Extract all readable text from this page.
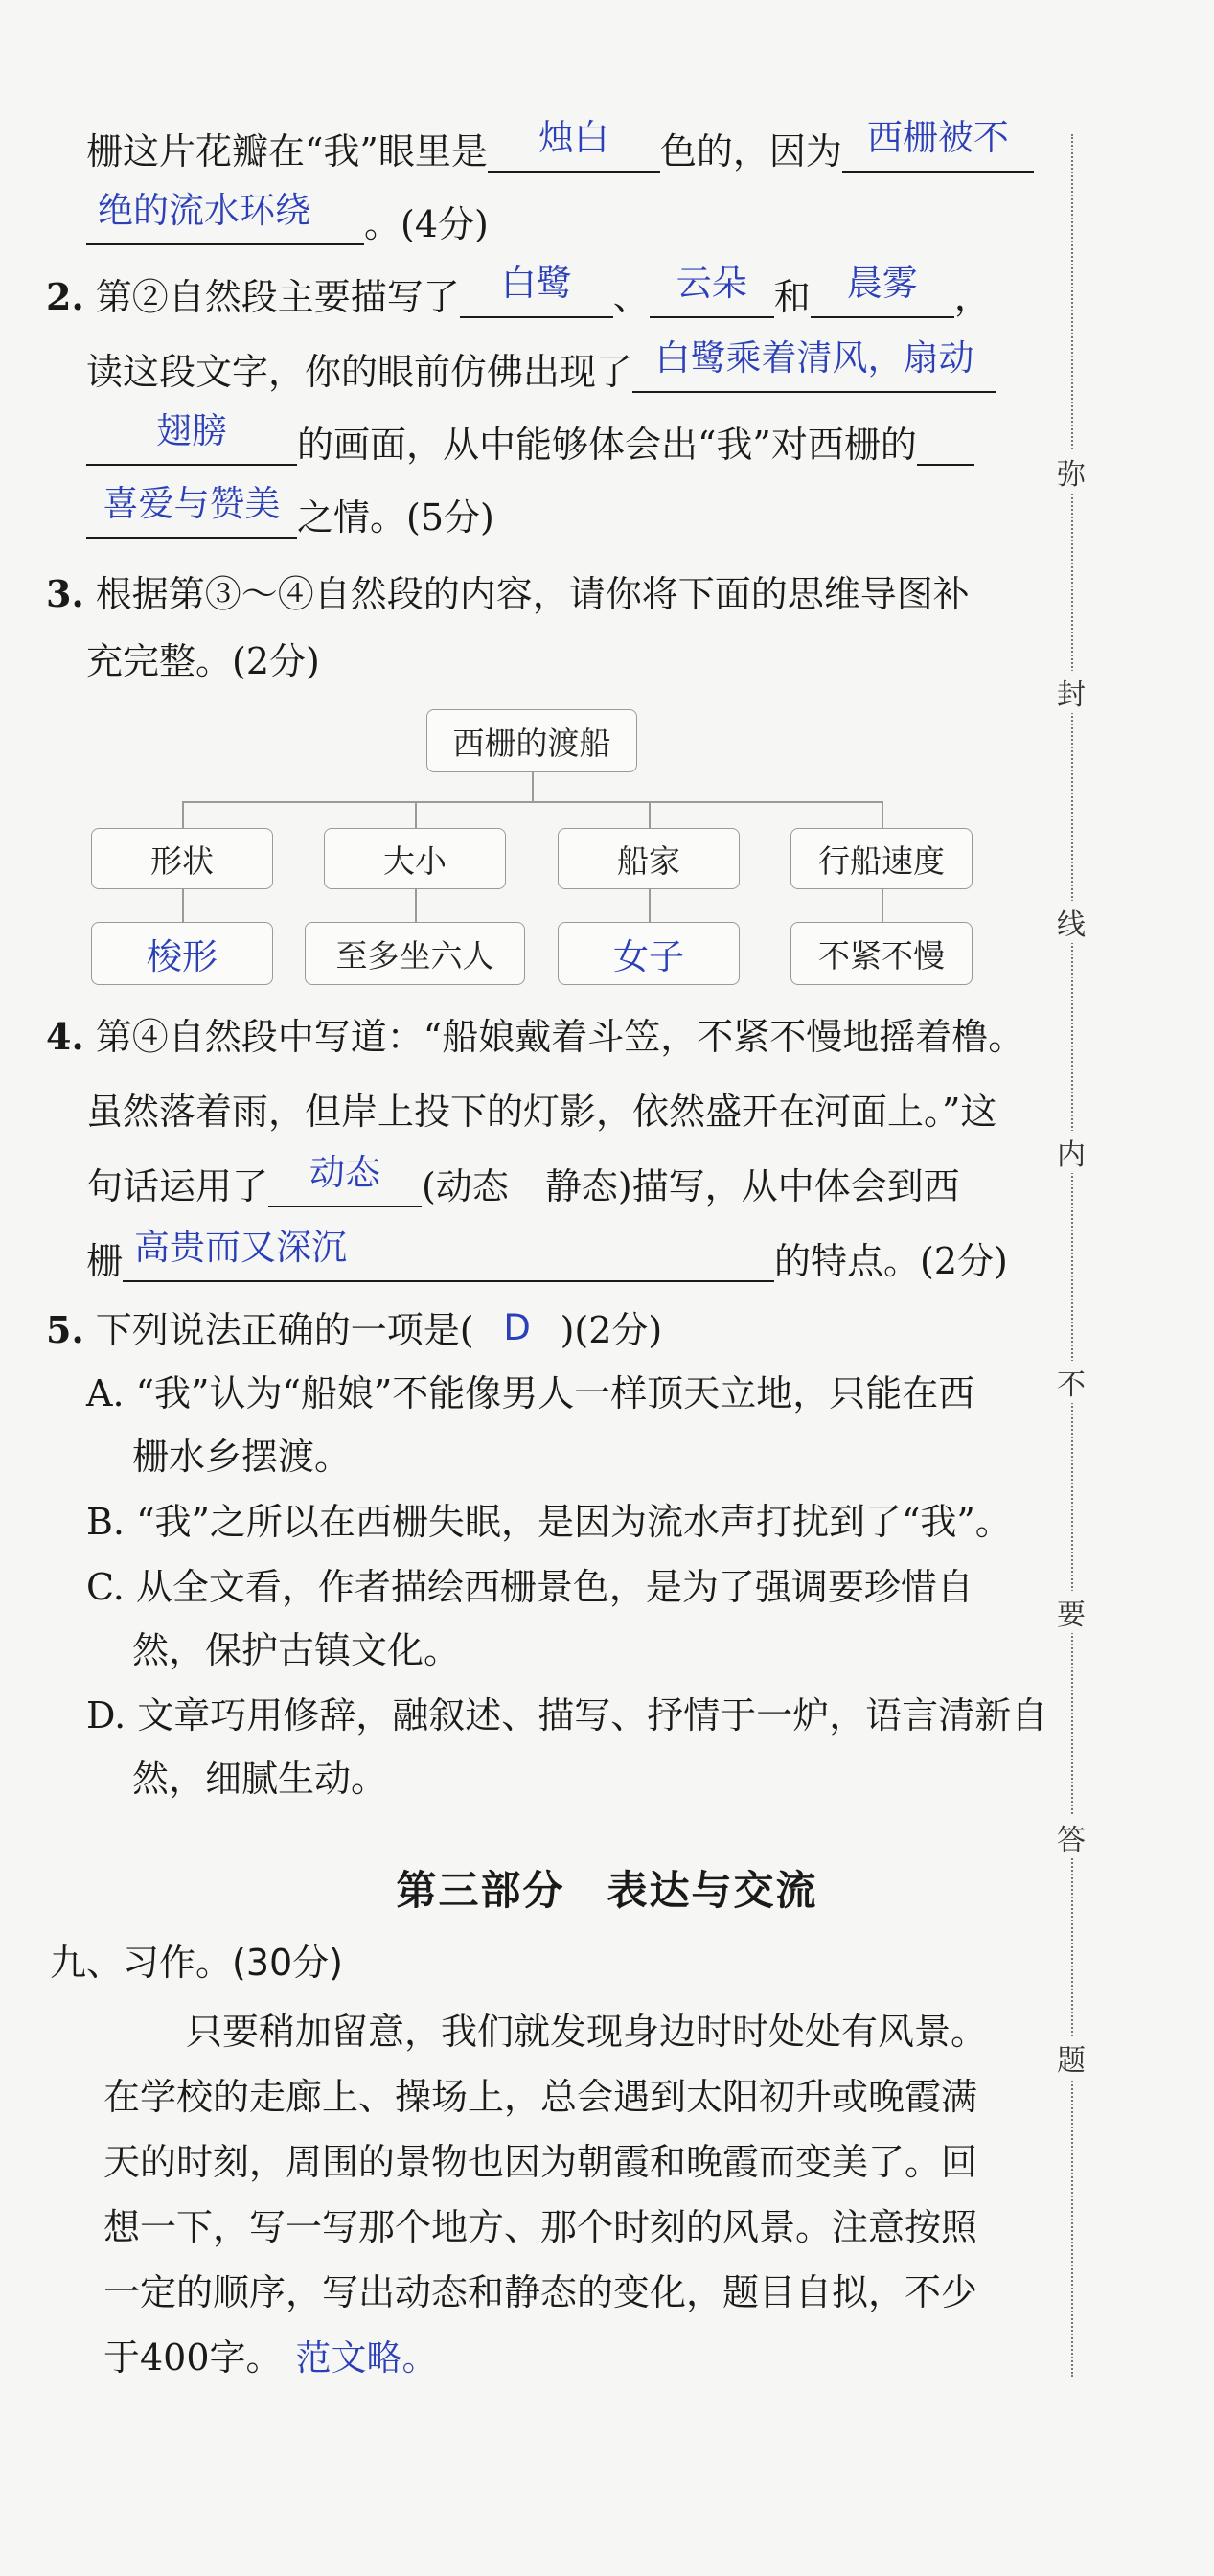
栅这片花瓣在“我”眼里是	烛白	色的，因为 西栅被不
绝的流水环绕	。(4分)
2. 第②自然段主要描写了	白鹭	、 云朵 和	晨雾	，
读这段文字，你的眼前仿佛出现了 白鹭乘着清风，扇动
翅膀	的画面，从中能够体会出“我”对西栅的
喜爱与赞美 之情。(5分)
3. 根据第③～④自然段的内容，请你将下面的思维导图补
充完整。(2分)
西栅的渡船
形状	大小	船家	行船速度
梭形	至多坐六人	女子	不紧不慢
4. 第④自然段中写道：“船娘戴着斗笠，不紧不慢地摇着橹。
虽然落着雨，但岸上投下的灯影，依然盛开在河面上。”这
句话运用了	动态	(动态　静态)描写，从中体会到西
栅 高贵而又深沉	的特点。(2分)
5. 下列说法正确的一项是( D )(2分)
A. “我”认为“船娘”不能像男人一样顶天立地，只能在西
栅水乡摆渡。
B. “我”之所以在西栅失眠，是因为流水声打扰到了“我”。
C. 从全文看，作者描绘西栅景色，是为了强调要珍惜自
然，保护古镇文化。
D. 文章巧用修辞，融叙述、描写、抒情于一炉，语言清新自
然，细腻生动。
第三部分　表达与交流
九、习作。(30分)
只要稍加留意，我们就发现身边时时处处有风景。
在学校的走廊上、操场上，总会遇到太阳初升或晚霞满
天的时刻，周围的景物也因为朝霞和晚霞而变美了。回
想一下，写一写那个地方、那个时刻的风景。注意按照
一定的顺序，写出动态和静态的变化，题目自拟，不少
于400字。 范文略。
弥
封
线
内
不
要
答
题
